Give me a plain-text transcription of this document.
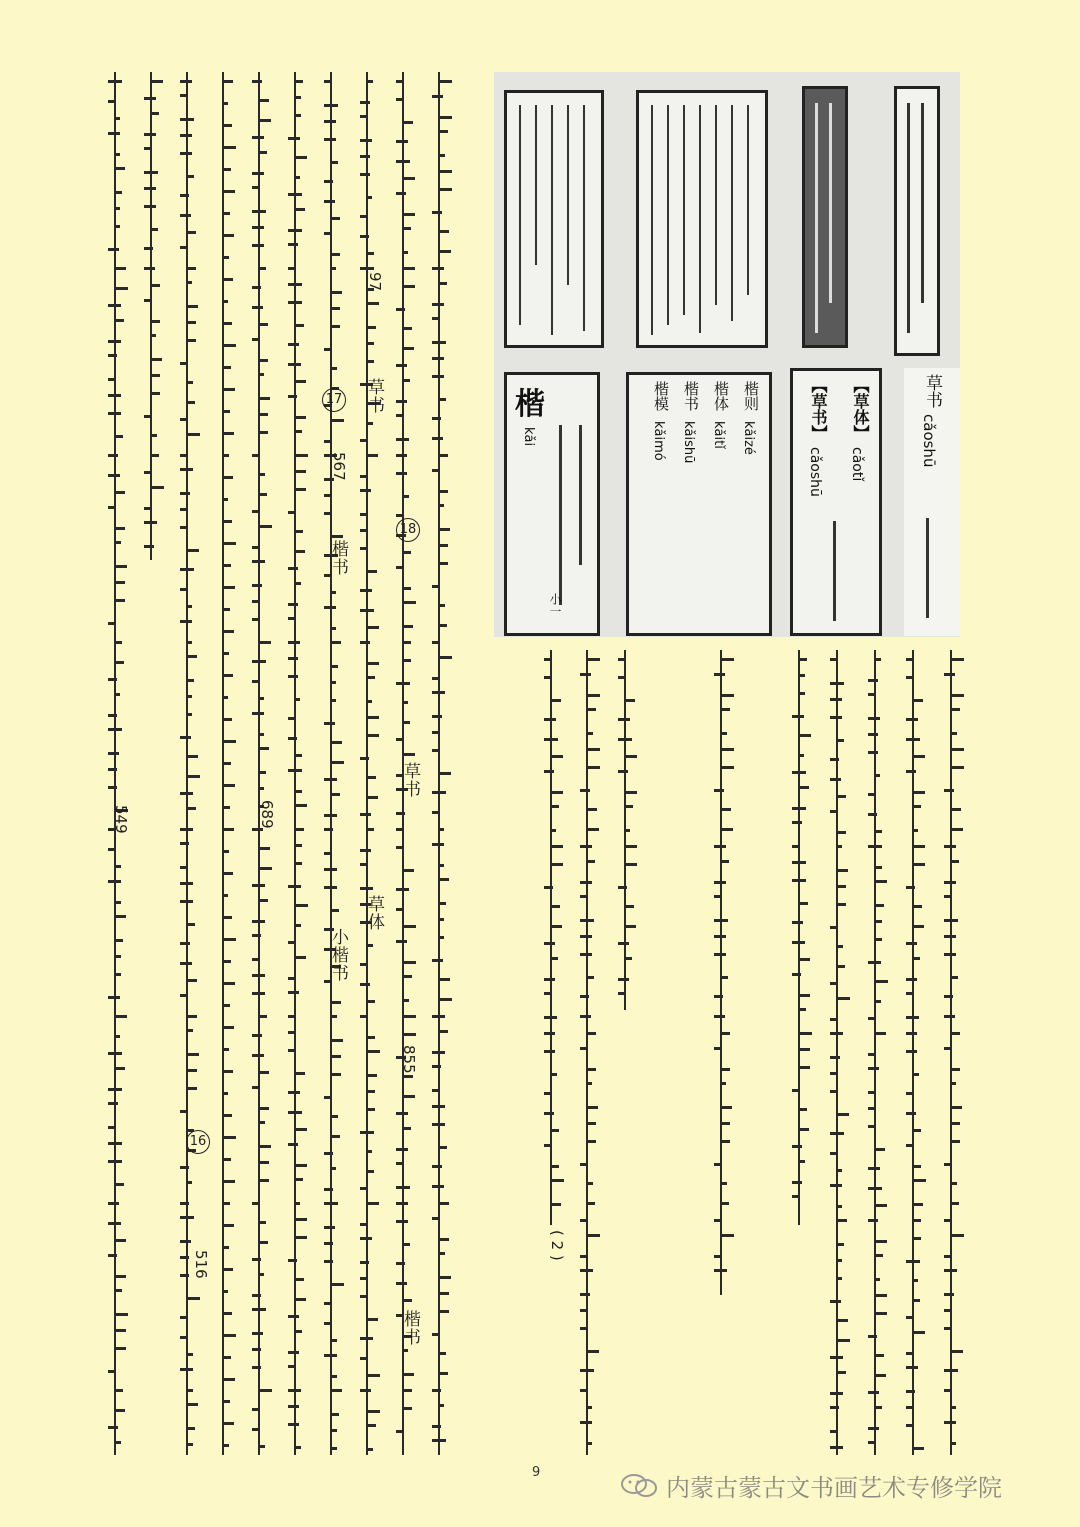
草书
cǎoshū
【草体】
cǎotǐ
【草书】
cǎoshū
楷则
kǎizé
楷体
kǎitǐ
楷书
kǎishū
楷模
kǎimó
楷
kǎi
小一
楷书
草书
855
18
草体
草书
97
小楷书
楷书
567
17
689
16
516
549
( 2 )
9
内蒙古蒙古文书画艺术专修学院
